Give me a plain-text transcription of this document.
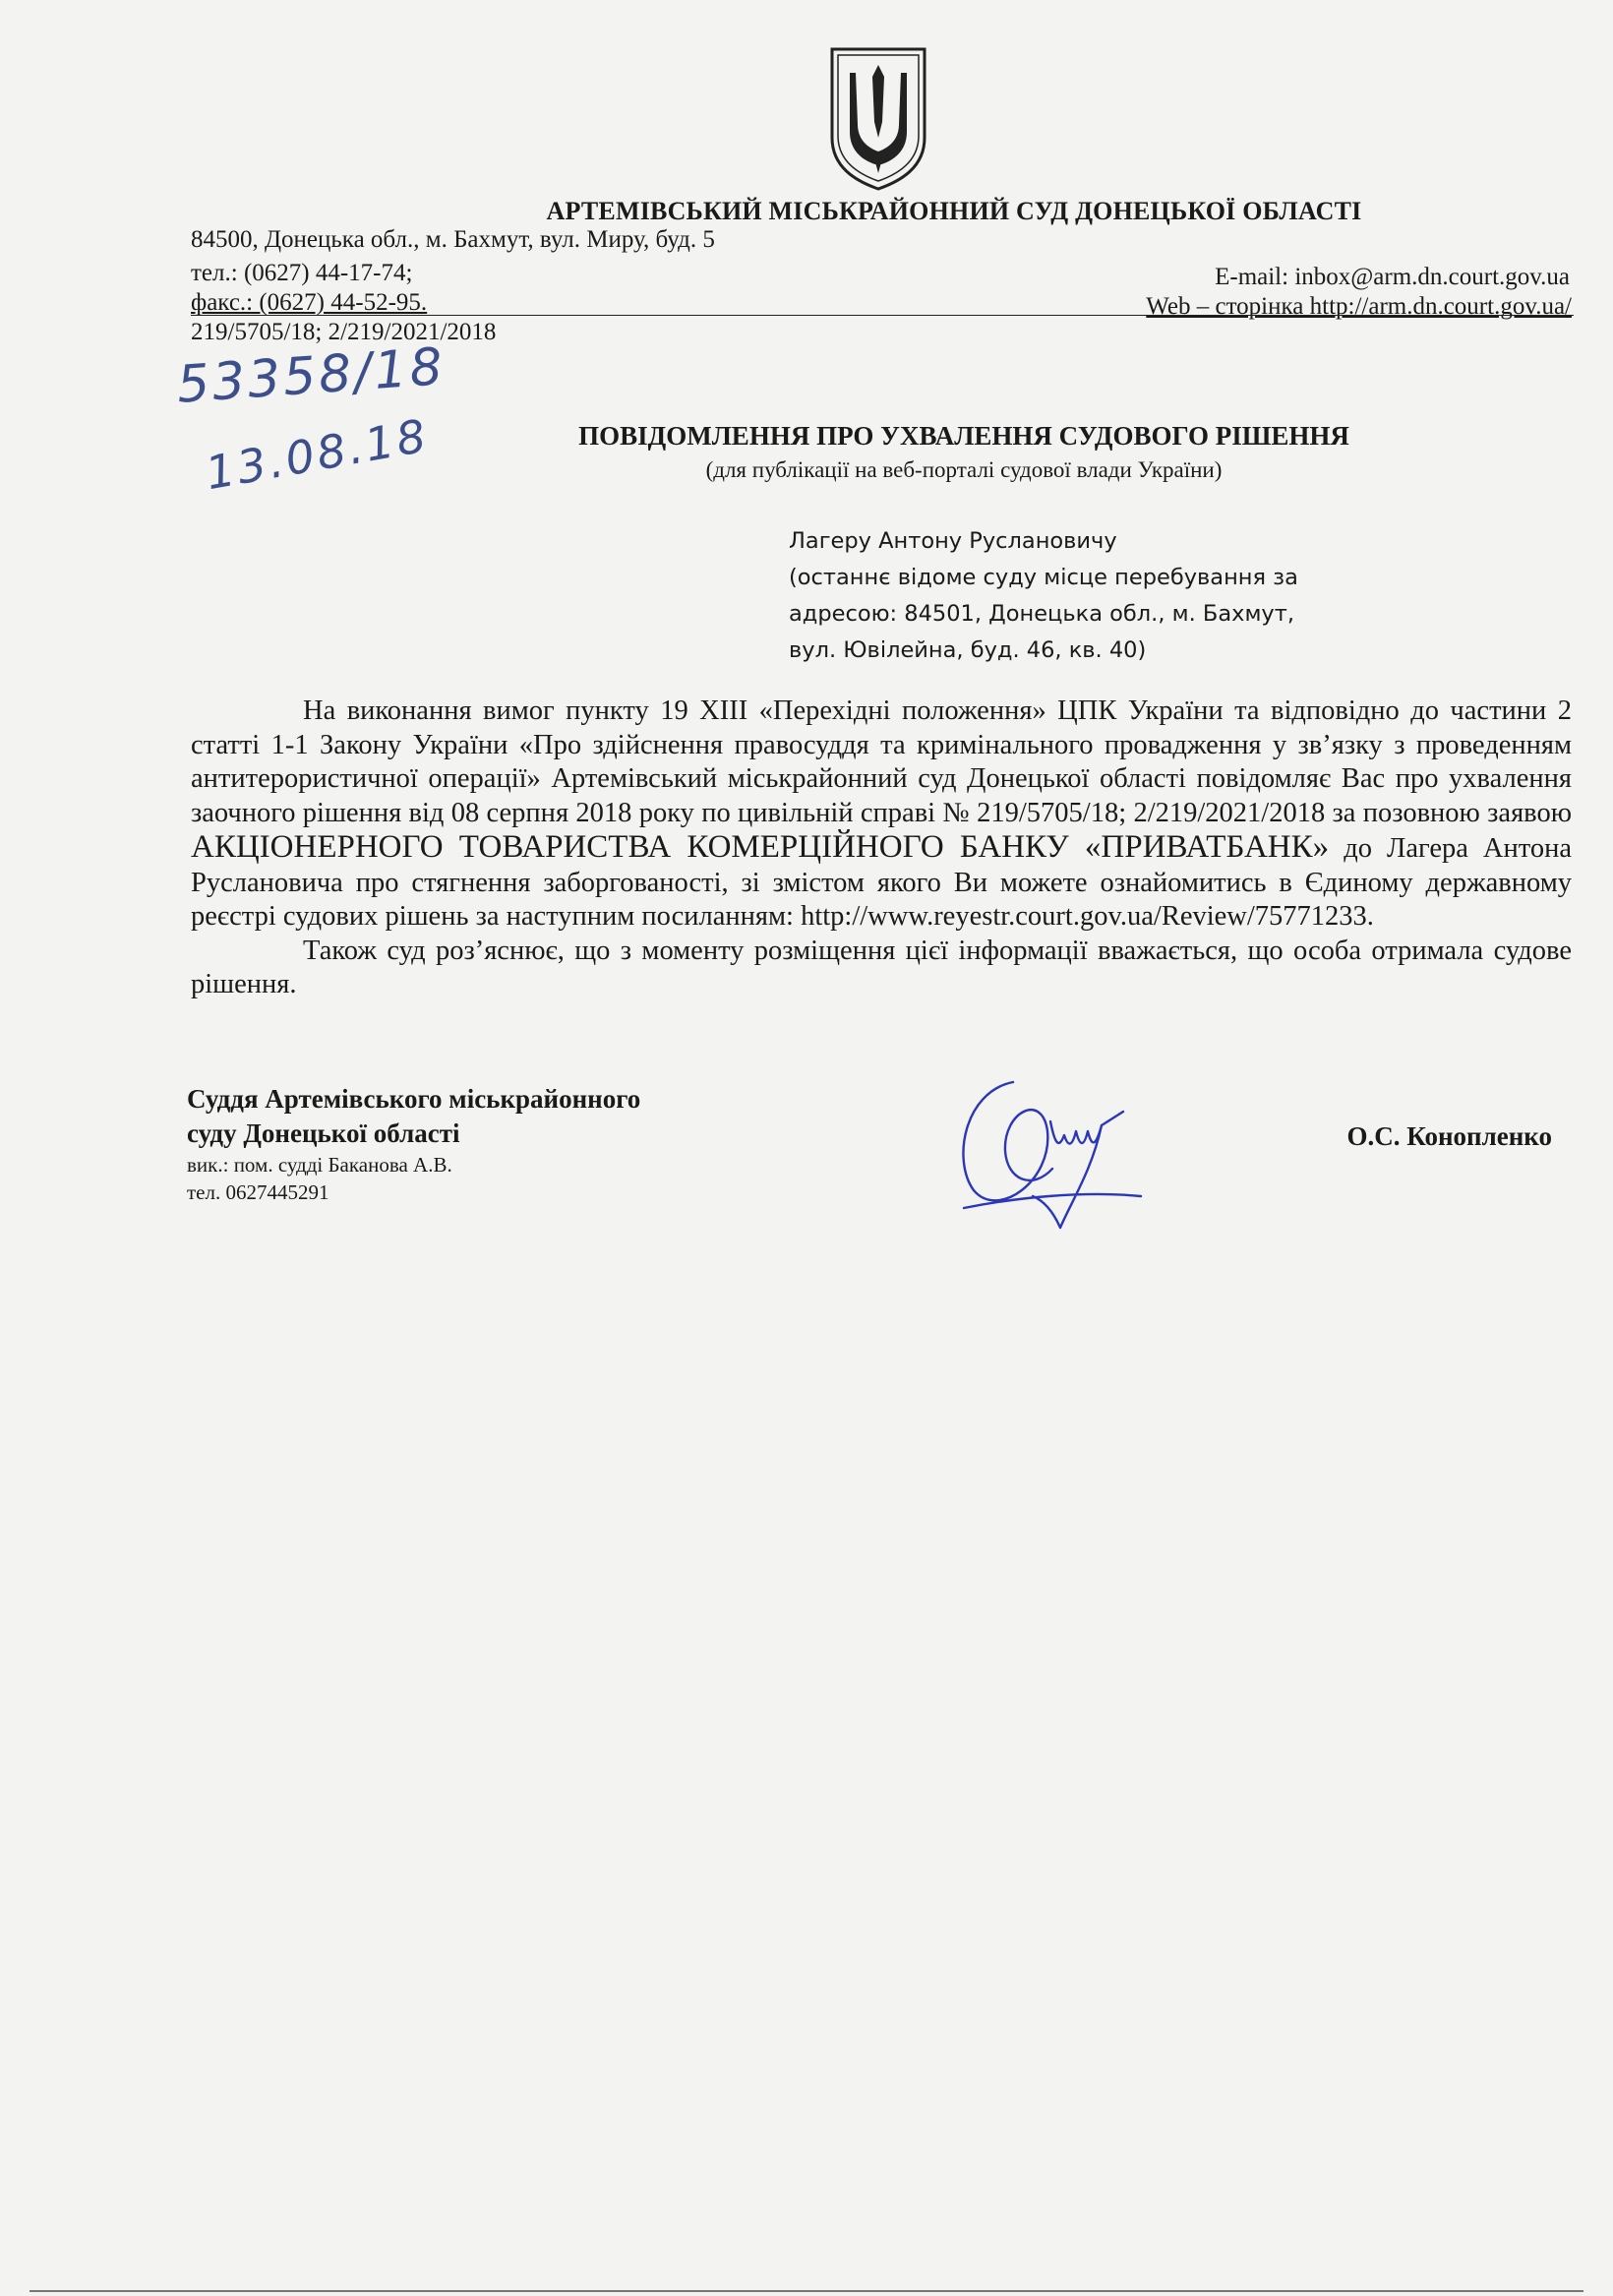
АРТЕМІВСЬКИЙ МІСЬКРАЙОННИЙ СУД ДОНЕЦЬКОЇ ОБЛАСТІ
84500, Донецька обл., м. Бахмут, вул. Миру, буд. 5
тел.: (0627) 44-17-74;
факс.: (0627) 44-52-95.
E-mail: inbox@arm.dn.court.gov.ua
Web – сторінка http://arm.dn.court.gov.ua/
219/5705/18; 2/219/2021/2018
53358/18
13.08.18	ПОВІДОМЛЕННЯ ПРО УХВАЛЕННЯ СУДОВОГО РІШЕННЯ
(для публікації на веб-порталі судової влади України)
Лагеру Антону Руслановичу
(останнє відоме суду місце перебування за
адресою: 84501, Донецька обл., м. Бахмут,
вул. Ювілейна, буд. 46, кв. 40)

На виконання вимог пункту 19 ХІІІ «Перехідні положення» ЦПК України та відповідно до частини 2 статті 1-1 Закону України «Про здійснення правосуддя та кримінального провадження у зв’язку з проведенням антитерористичної операції» Артемівський міськрайонний суд Донецької області повідомляє Вас про ухвалення заочного рішення від 08 серпня 2018 року по цивільній справі № 219/5705/18; 2/219/2021/2018 за позовною заявою АКЦІОНЕРНОГО ТОВАРИСТВА КОМЕРЦІЙНОГО БАНКУ «ПРИВАТБАНК» до Лагера Антона Руслановича про стягнення заборгованості, зі змістом якого Ви можете ознайомитись в Єдиному державному реєстрі судових рішень за наступним посиланням: http://www.reyestr.court.gov.ua/Review/75771233.

Також суд роз’яснює, що з моменту розміщення цієї інформації вважається, що особа отримала судове рішення.

Суддя Артемівського міськрайонного
суду Донецької області
вик.: пом. судді Баканова А.В.
тел. 0627445291
О.С. Конопленко
